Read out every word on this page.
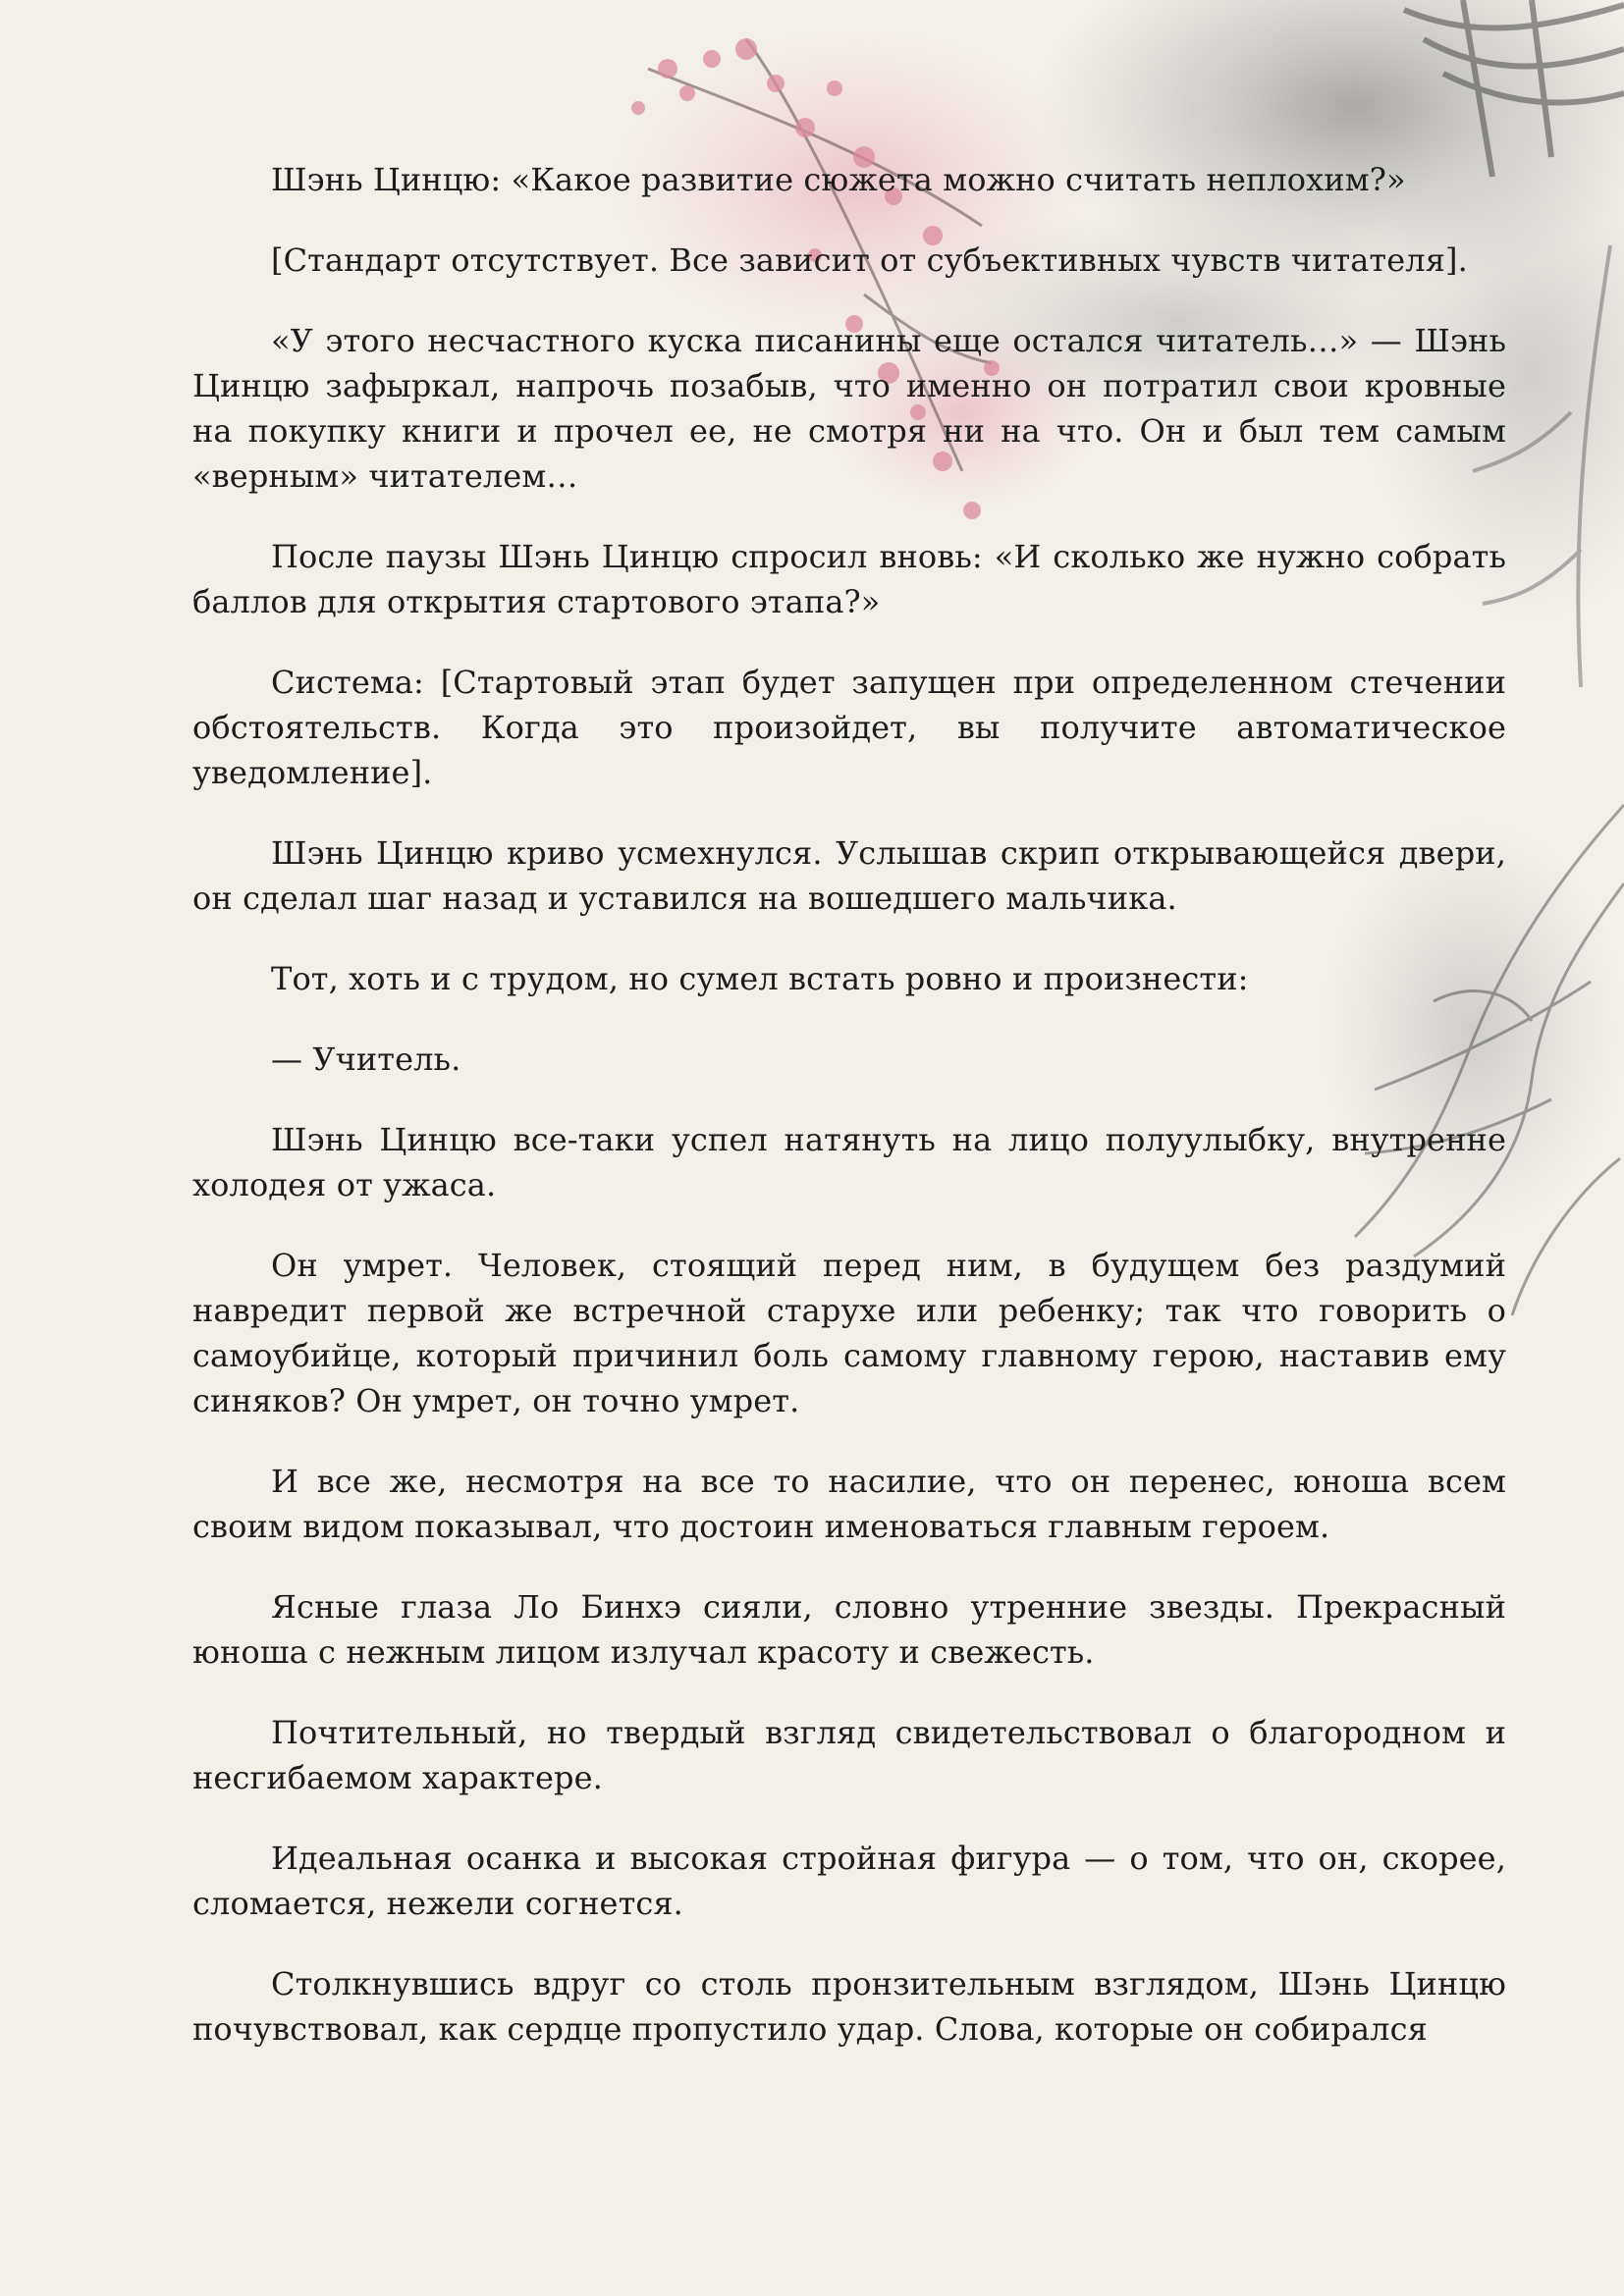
Шэнь Цинцю: «Какое развитие сюжета можно считать неплохим?»

[Стандарт отсутствует. Все зависит от субъективных чувств читателя].

«У этого несчастного куска писанины еще остался читатель…» — Шэнь Цинцю зафыркал, напрочь позабыв, что именно он потратил свои кровные на покупку книги и прочел ее, не смотря ни на что. Он и был тем самым «верным» читателем…

После паузы Шэнь Цинцю спросил вновь: «И сколько же нужно собрать баллов для открытия стартового этапа?»

Система: [Стартовый этап будет запущен при определенном стечении обстоятельств. Когда это произойдет, вы получите автоматическое уведомление].

Шэнь Цинцю криво усмехнулся. Услышав скрип открывающейся двери, он сделал шаг назад и уставился на вошедшего мальчика.

Тот, хоть и с трудом, но сумел встать ровно и произнести:

— Учитель.

Шэнь Цинцю все-таки успел натянуть на лицо полуулыбку, внутренне холодея от ужаса.

Он умрет. Человек, стоящий перед ним, в будущем без раздумий навредит первой же встречной старухе или ребенку; так что говорить о самоубийце, который причинил боль самому главному герою, наставив ему синяков? Он умрет, он точно умрет.

И все же, несмотря на все то насилие, что он перенес, юноша всем своим видом показывал, что достоин именоваться главным героем.

Ясные глаза Ло Бинхэ сияли, словно утренние звезды. Прекрасный юноша с нежным лицом излучал красоту и свежесть.

Почтительный, но твердый взгляд свидетельствовал о благородном и несгибаемом характере.

Идеальная осанка и высокая стройная фигура — о том, что он, скорее, сломается, нежели согнется.

Столкнувшись вдруг со столь пронзительным взглядом, Шэнь Цинцю почувствовал, как сердце пропустило удар. Слова, которые он собирался
